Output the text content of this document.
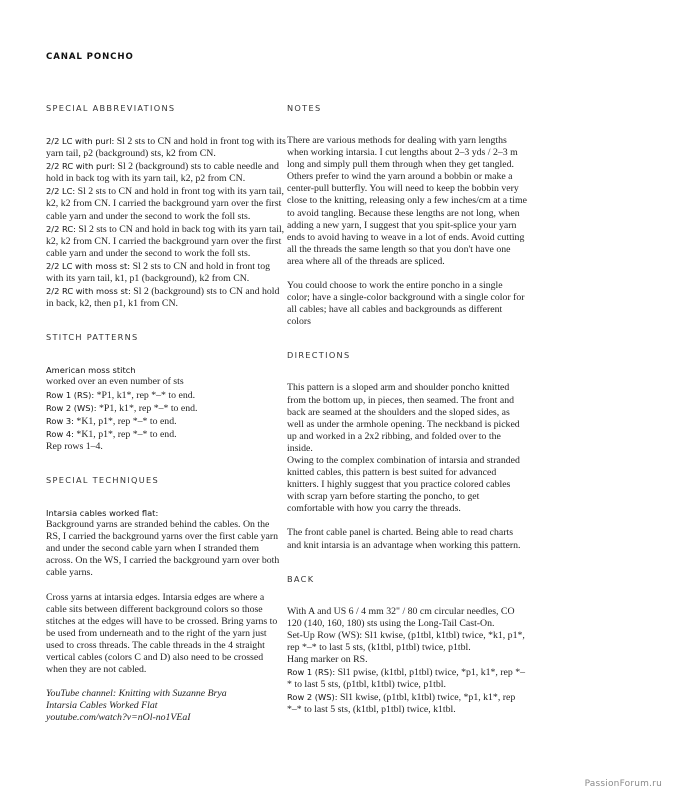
CANAL PONCHO
SPECIAL ABBREVIATIONS

2/2 LC with purl: Sl 2 sts to CN and hold in front tog with its yarn tail, p2 (background) sts, k2 from CN.

2/2 RC with purl: Sl 2 (background) sts to cable needle and hold in back tog with its yarn tail, k2, p2 from CN.

2/2 LC: Sl 2 sts to CN and hold in front tog with its yarn tail, k2, k2 from CN. I carried the background yarn over the first cable yarn and under the second to work the foll sts.

2/2 RC: Sl 2 sts to CN and hold in back tog with its yarn tail, k2, k2 from CN. I carried the background yarn over the first cable yarn and under the second to work the foll sts.

2/2 LC with moss st: Sl 2 sts to CN and hold in front tog with its yarn tail, k1, p1 (background), k2 from CN.

2/2 RC with moss st: Sl 2 (background) sts to CN and hold in back, k2, then p1, k1 from CN.

STITCH PATTERNS

American moss stitch

worked over an even number of sts

Row 1 (RS): *P1, k1*, rep *–* to end.

Row 2 (WS): *P1, k1*, rep *–* to end.

Row 3: *K1, p1*, rep *–* to end.

Row 4: *K1, p1*, rep *–* to end.

Rep rows 1–4.

SPECIAL TECHNIQUES

Intarsia cables worked flat:

Background yarns are stranded behind the cables. On the RS, I carried the background yarns over the first cable yarn and under the second cable yarn when I stranded them across. On the WS, I carried the background yarn over both cable yarns.

Cross yarns at intarsia edges. Intarsia edges are where a cable sits between different background colors so those stitches at the edges will have to be crossed. Bring yarns to be used from underneath and to the right of the yarn just used to cross threads. The cable threads in the 4 straight vertical cables (colors C and D) also need to be crossed when they are not cabled.

YouTube channel: Knitting with Suzanne Brya
Intarsia Cables Worked Flat
youtube.com/watch?v=nOl-no1VEaI

NOTES

There are various methods for dealing with yarn lengths when working intarsia. I cut lengths about 2–3 yds / 2–3 m long and simply pull them through when they get tangled. Others prefer to wind the yarn around a bobbin or make a center-pull butterfly. You will need to keep the bobbin very close to the knitting, releasing only a few inches/cm at a time to avoid tangling. Because these lengths are not long, when adding a new yarn, I suggest that you spit-splice your yarn ends to avoid having to weave in a lot of ends. Avoid cutting all the threads the same length so that you don't have one area where all of the threads are spliced.

You could choose to work the entire poncho in a single color; have a single-color background with a single color for all cables; have all cables and backgrounds as different colors

DIRECTIONS

This pattern is a sloped arm and shoulder poncho knitted from the bottom up, in pieces, then seamed. The front and back are seamed at the shoulders and the sloped sides, as well as under the armhole opening. The neckband is picked up and worked in a 2x2 ribbing, and folded over to the inside.

Owing to the complex combination of intarsia and stranded knitted cables, this pattern is best suited for advanced knitters. I highly suggest that you practice colored cables with scrap yarn before starting the poncho, to get comfortable with how you carry the threads.

The front cable panel is charted. Being able to read charts and knit intarsia is an advantage when working this pattern.

BACK

With A and US 6 / 4 mm 32" / 80 cm circular needles, CO 120 (140, 160, 180) sts using the Long-Tail Cast-On.

Set-Up Row (WS): Sl1 kwise, (p1tbl, k1tbl) twice, *k1, p1*, rep *–* to last 5 sts, (k1tbl, p1tbl) twice, p1tbl.

Hang marker on RS.

Row 1 (RS): Sl1 pwise, (k1tbl, p1tbl) twice, *p1, k1*, rep *–* to last 5 sts, (p1tbl, k1tbl) twice, p1tbl.

Row 2 (WS): Sl1 kwise, (p1tbl, k1tbl) twice, *p1, k1*, rep *–* to last 5 sts, (k1tbl, p1tbl) twice, k1tbl.

PassionForum.ru
